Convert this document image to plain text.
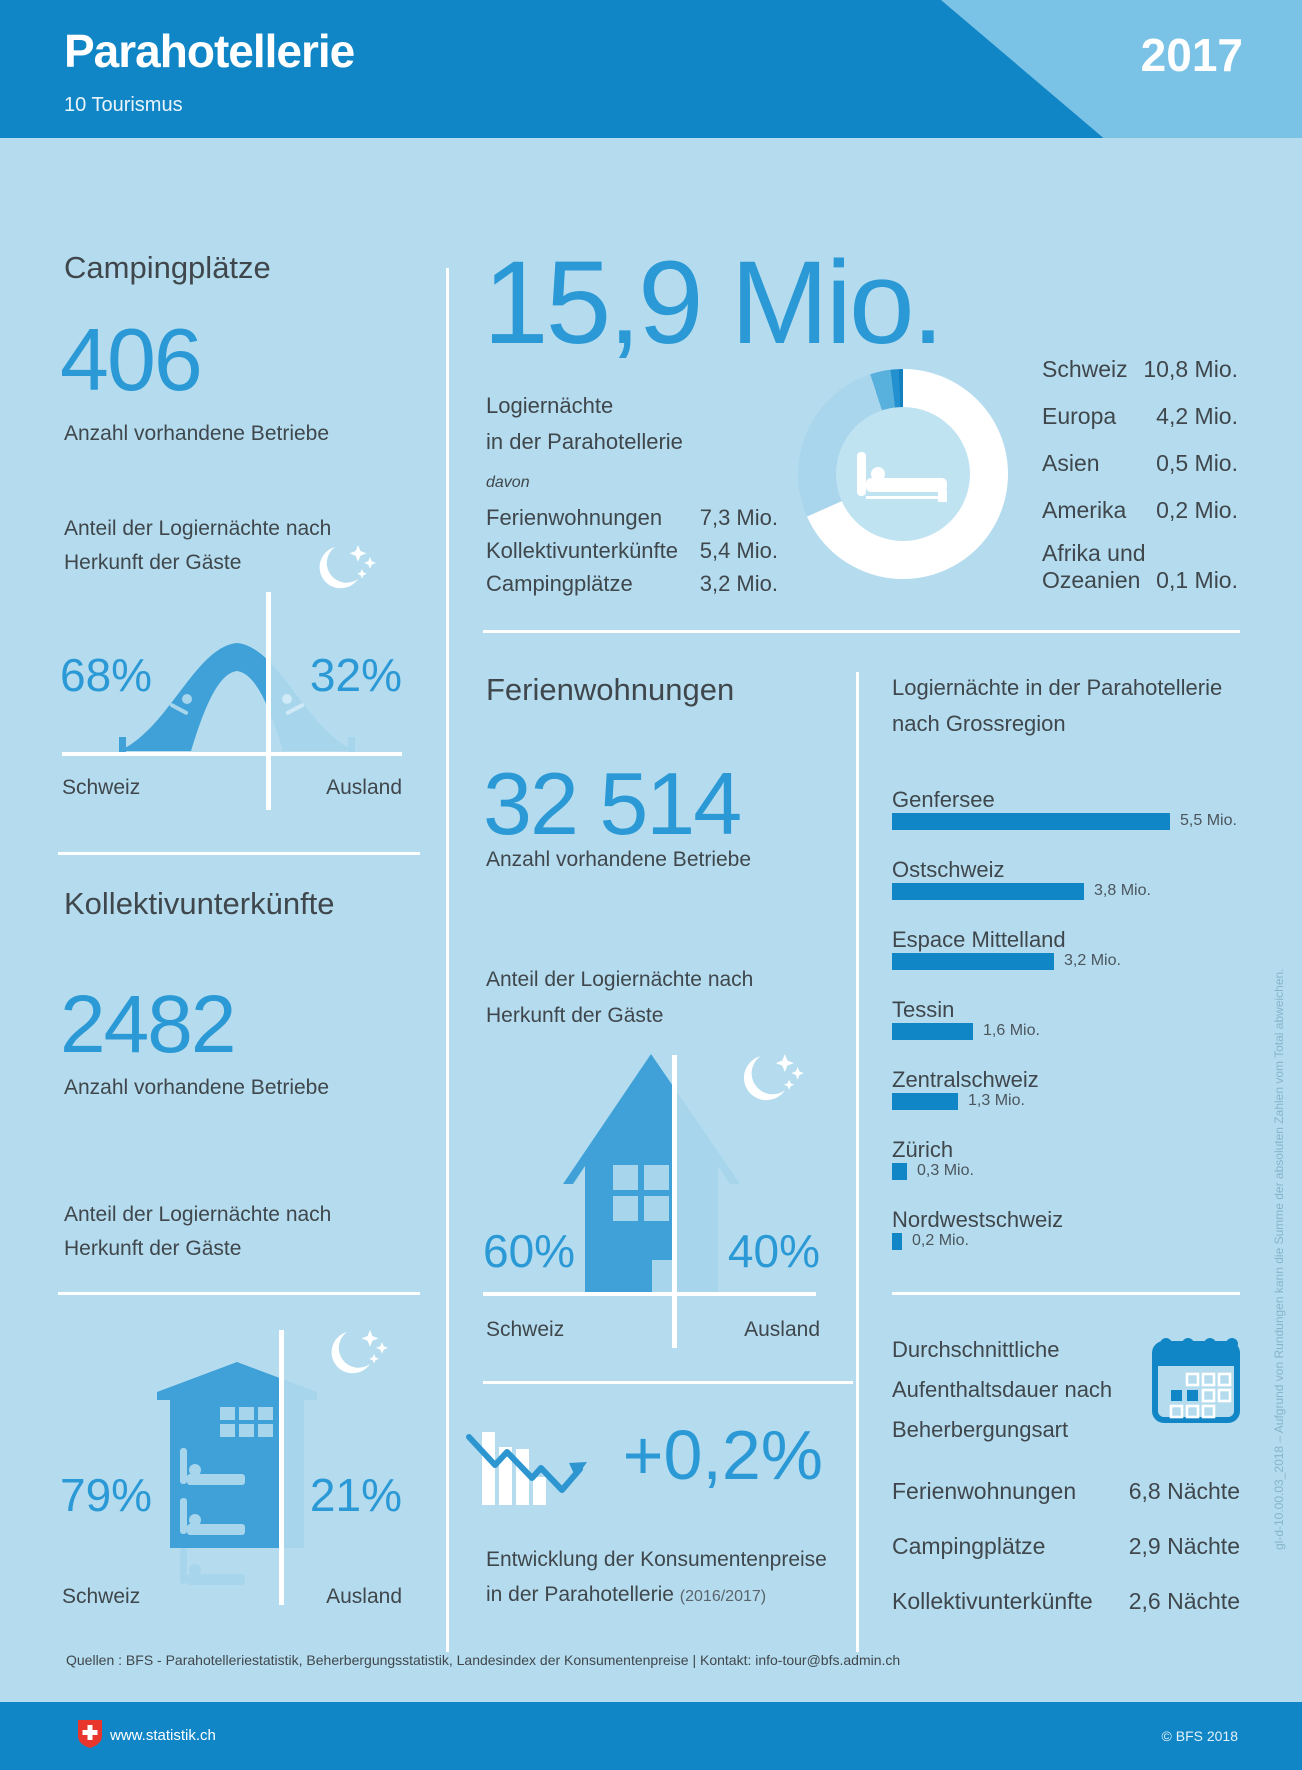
Parahotellerie
10 Tourismus
2017
Campingplätze
406
Anzahl vorhandene Betriebe
Anteil der Logiernächte nach
Herkunft der Gäste
68%	32%
Schweiz	Ausland
Kollektivunterkünfte
2482
Anzahl vorhandene Betriebe
Anteil der Logiernächte nach
Herkunft der Gäste
79%	21%
Schweiz	Ausland
15,9 Mio.
Logiernächte
in der Parahotellerie
davon
Ferienwohnungen 7,3 Mio.
Kollektivunterkünfte 5,4 Mio.
Campingplätze	3,2 Mio.
Schweiz 10,8 Mio.
Europa 4,2 Mio.
Asien 0,5 Mio.
Amerika 0,2 Mio.
Afrika und
Ozeanien 0,1 Mio.
Ferienwohnungen
32 514
Anzahl vorhandene Betriebe
Anteil der Logiernächte nach
Herkunft der Gäste
60%	40%
Schweiz	Ausland
+0,2%
Entwicklung der Konsumentenpreise
in der Parahotellerie (2016/2017)
Logiernächte in der Parahotellerie
nach Grossregion
Genfersee
5,5 Mio.
Ostschweiz
3,8 Mio.
Espace Mittelland
3,2 Mio.
Tessin
1,6 Mio.
Zentralschweiz
1,3 Mio.
Zürich
0,3 Mio.
Nordwestschweiz
0,2 Mio.
Durchschnittliche
Aufenthaltsdauer nach
Beherbergungsart
Ferienwohnungen 6,8 Nächte
Campingplätze	2,9 Nächte
Kollektivunterkünfte 2,6 Nächte
gl-d-10.00.03_2018 – Aufgrund von Rundungen kann die Summe der absoluten Zahlen vom Total abweichen.
Quellen : BFS - Parahotelleriestatistik, Beherbergungsstatistik, Landesindex der Konsumentenpreise | Kontakt: info-tour@bfs.admin.ch
www.statistik.ch	© BFS 2018
